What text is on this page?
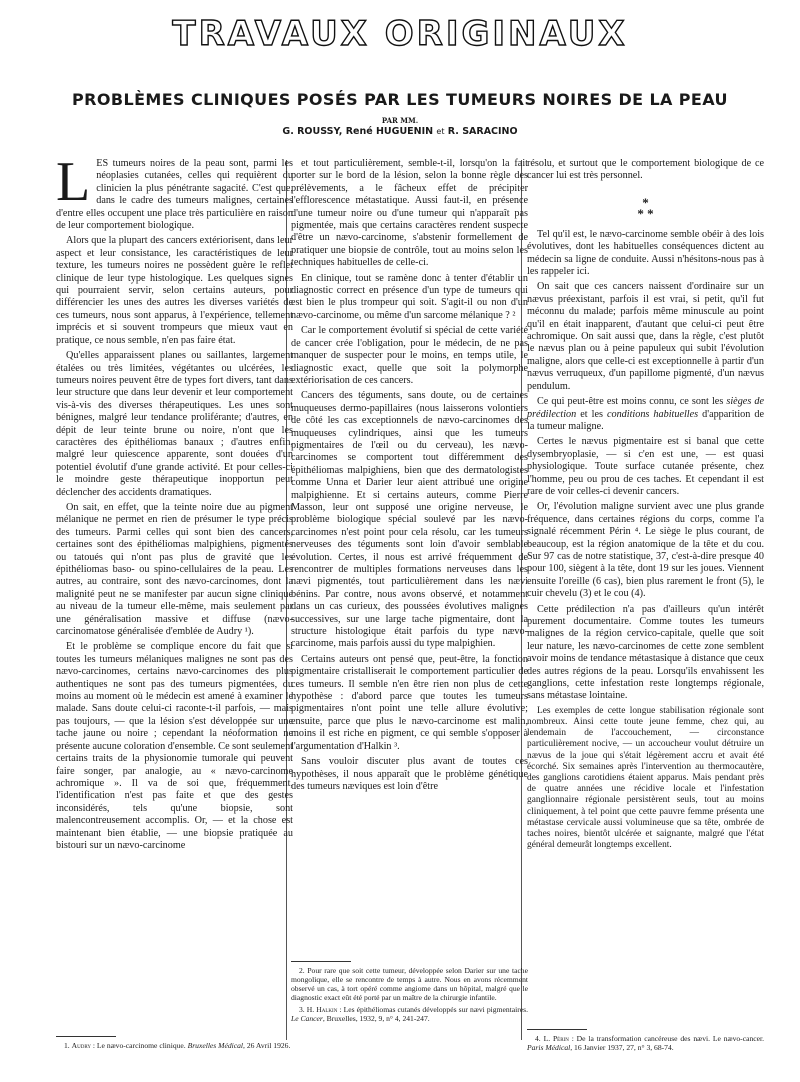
TRAVAUX ORIGINAUX
PROBLÈMES CLINIQUES POSÉS PAR LES TUMEURS NOIRES DE LA PEAU
PAR MM.
G. ROUSSY, René HUGUENIN et R. SARACINO

LES tumeurs noires de la peau sont, parmi les néoplasies cutanées, celles qui requièrent du clinicien la plus pénétrante sagacité. C'est que, dans le cadre des tumeurs malignes, certaines d'entre elles occupent une place très particulière en raison de leur comportement biologique.

Alors que la plupart des cancers extériorisent, dans leur aspect et leur consistance, les caractéristiques de leur texture, les tumeurs noires ne possèdent guère le reflet clinique de leur type histologique. Les quelques signes qui pourraient servir, selon certains auteurs, pour différencier les unes des autres les diverses variétés de ces tumeurs, nous sont apparus, à l'expérience, tellement imprécis et si souvent trompeurs que mieux vaut en pratique, ce nous semble, n'en pas faire état.

Qu'elles apparaissent planes ou saillantes, largement étalées ou très limitées, végétantes ou ulcérées, les tumeurs noires peuvent être de types fort divers, tant dans leur structure que dans leur devenir et leur comportement vis-à-vis des diverses thérapeutiques. Les unes sont bénignes, malgré leur tendance proliférante; d'autres, en dépit de leur teinte brune ou noire, n'ont que les caractères des épithéliomas banaux ; d'autres enfin, malgré leur quiescence apparente, sont douées d'un potentiel évolutif d'une grande activité. Et pour celles-ci le moindre geste thérapeutique inopportun peut déclencher des accidents dramatiques.

On sait, en effet, que la teinte noire due au pigment mélanique ne permet en rien de présumer le type précis des tumeurs. Parmi celles qui sont bien des cancers, certaines sont des épithéliomas malpighiens, pigmentés ou tatoués qui n'ont pas plus de gravité que les épithéliomas baso- ou spino-cellulaires de la peau. Les autres, au contraire, sont des nævo-carcinomes, dont la malignité peut ne se manifester par aucun signe clinique au niveau de la tumeur elle-même, mais seulement par une généralisation massive et diffuse (nævo-carcinomatose généralisée d'emblée de Audry ¹).

Et le problème se complique encore du fait que si toutes les tumeurs mélaniques malignes ne sont pas des nævo-carcinomes, certains nævo-carcinomes des plus authentiques ne sont pas des tumeurs pigmentées, du moins au moment où le médecin est amené à examiner le malade. Sans doute celui-ci raconte-t-il parfois, — mais pas toujours, — que la lésion s'est développée sur une tache jaune ou noire ; cependant la néoformation ne présente aucune coloration d'ensemble. Ce sont seulement certains traits de la physionomie tumorale qui peuvent faire songer, par analogie, au « nævo-carcinome achromique ». Il va de soi que, fréquemment, l'identification n'est pas faite et que des gestes inconsidérés, tels qu'une biopsie, sont malencontreusement accomplis. Or, — et la chose est maintenant bien établie, — une biopsie pratiquée au bistouri sur un nævo-carcinome

et tout particulièrement, semble-t-il, lorsqu'on la fait porter sur le bord de la lésion, selon la bonne règle des prélèvements, a le fâcheux effet de précipiter l'efflorescence métastatique. Aussi faut-il, en présence d'une tumeur noire ou d'une tumeur qui n'apparaît pas pigmentée, mais que certains caractères rendent suspecte d'être un nævo-carcinome, s'abstenir formellement de pratiquer une biopsie de contrôle, tout au moins selon les techniques habituelles de celle-ci.

En clinique, tout se ramène donc à tenter d'établir un diagnostic correct en présence d'un type de tumeurs qui est bien le plus trompeur qui soit. S'agit-il ou non d'un nævo-carcinome, ou même d'un sarcome mélanique ? ²

Car le comportement évolutif si spécial de cette variété de cancer crée l'obligation, pour le médecin, de ne pas manquer de suspecter pour le moins, en temps utile, le diagnostic exact, quelle que soit la polymorphe extériorisation de ces cancers.

Cancers des téguments, sans doute, ou de certaines muqueuses dermo-papillaires (nous laisserons volontiers de côté les cas exceptionnels de nævo-carcinomes des muqueuses cylindriques, ainsi que les tumeurs pigmentaires de l'œil ou du cerveau), les nævo-carcinomes se comportent tout différemment des épithéliomas malpighiens, bien que des dermatologistes comme Unna et Darier leur aient attribué une origine malpighienne. Et si certains auteurs, comme Pierre Masson, leur ont supposé une origine nerveuse, le problème biologique spécial soulevé par les nævo-carcinomes n'est point pour cela résolu, car les tumeurs nerveuses des téguments sont loin d'avoir semblable évolution. Certes, il nous est arrivé fréquemment de rencontrer de multiples formations nerveuses dans les nævi pigmentés, tout particulièrement dans les nævi bénins. Par contre, nous avons observé, et notamment dans un cas curieux, des poussées évolutives malignes successives, sur une large tache pigmentaire, dont la structure histologique était parfois du type nævo-carcinome, mais parfois aussi du type malpighien.

Certains auteurs ont pensé que, peut-être, la fonction pigmentaire cristalliserait le comportement particulier de ces tumeurs. Il semble n'en être rien non plus de cette hypothèse : d'abord parce que toutes les tumeurs pigmentaires n'ont point une telle allure évolutive; ensuite, parce que plus le nævo-carcinome est malin, moins il est riche en pigment, ce qui semble s'opposer à l'argumentation d'Halkin ³.

Sans vouloir discuter plus avant de toutes ces hypothèses, il nous apparaît que le problème génétique des tumeurs næviques est loin d'être

résolu, et surtout que le comportement biologique de ce cancer lui est très personnel.

*
* *

Tel qu'il est, le nævo-carcinome semble obéir à des lois évolutives, dont les habituelles conséquences dictent au médecin sa ligne de conduite. Aussi n'hésitons-nous pas à les rappeler ici.

On sait que ces cancers naissent d'ordinaire sur un nævus préexistant, parfois il est vrai, si petit, qu'il fut méconnu du malade; parfois même minuscule au point qu'il en était inapparent, d'autant que celui-ci peut être achromique. On sait aussi que, dans la règle, c'est plutôt le nævus plan ou à peine papuleux qui subit l'évolution maligne, alors que celle-ci est exceptionnelle à partir d'un nævus verruqueux, d'un papillome pigmenté, d'un nævus pendulum.

Ce qui peut-être est moins connu, ce sont les sièges de prédilection et les conditions habituelles d'apparition de la tumeur maligne.

Certes le nævus pigmentaire est si banal que cette dysembryoplasie, — si c'en est une, — est quasi physiologique. Toute surface cutanée présente, chez l'homme, peu ou prou de ces taches. Et cependant il est rare de voir celles-ci devenir cancers.

Or, l'évolution maligne survient avec une plus grande fréquence, dans certaines régions du corps, comme l'a signalé récemment Périn ⁴. Le siège le plus courant, de beaucoup, est la région anatomique de la tête et du cou. Sur 97 cas de notre statistique, 37, c'est-à-dire presque 40 pour 100, siègent à la tête, dont 19 sur les joues. Viennent ensuite l'oreille (6 cas), bien plus rarement le front (5), le cuir chevelu (3) et le cou (4).

Cette prédilection n'a pas d'ailleurs qu'un intérêt purement documentaire. Comme toutes les tumeurs malignes de la région cervico-capitale, quelle que soit leur nature, les nævo-carcinomes de cette zone semblent avoir moins de tendance métastasique à distance que ceux des autres régions de la peau. Lorsqu'ils envahissent les ganglions, cette infestation reste longtemps régionale, sans métastase lointaine.

Les exemples de cette longue stabilisation régionale sont nombreux. Ainsi cette toute jeune femme, chez qui, au lendemain de l'accouchement, — circonstance particulièrement nocive, — un accoucheur voulut détruire un nævus de la joue qui s'était légèrement accru et avait été écorché. Six semaines après l'intervention au thermocautère, des ganglions carotidiens étaient apparus. Mais pendant près de quatre années une récidive locale et l'infestation ganglionnaire régionale persistèrent seuls, tout au moins cliniquement, à tel point que cette pauvre femme présenta une métastase cervicale aussi volumineuse que sa tête, ombrée de taches noires, bientôt ulcérée et saignante, malgré que l'état général demeurât longtemps excellent.

1. Audry : Le nævo-carcinome clinique. Bruxelles Médical, 26 Avril 1926.

2. Pour rare que soit cette tumeur, développée selon Darier sur une tache mongolique, elle se rencontre de temps à autre. Nous en avons récemment observé un cas, à tort opéré comme angiome dans un hôpital, malgré que le diagnostic exact eût été porté par un maître de la chirurgie infantile.

3. H. Halkin : Les épithéliomas cutanés développés sur nævi pigmentaires. Le Cancer, Bruxelles, 1932, 9, n° 4, 241-247.

4. L. Périn : De la transformation cancéreuse des nævi. Le nævo-cancer. Paris Médical, 16 Janvier 1937, 27, n° 3, 68-74.
